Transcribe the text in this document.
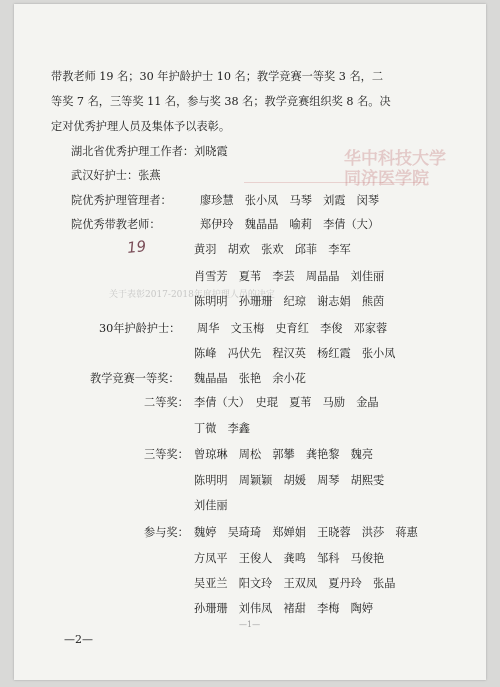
华中科技大学
同济医学院
关于表彰2017-2018年度护理人员的决定
带教老师 19 名；30 年护龄护士 10 名；教学竞赛一等奖 3 名，二
等奖 7 名，三等奖 11 名，参与奖 38 名；教学竞赛组织奖 8 名。决
定对优秀护理人员及集体予以表彰。
湖北省优秀护理工作者：刘晓霞
武汉好护士：张燕
院优秀护理管理者：	廖珍慧　张小凤　马琴　刘霞　闵琴
院优秀带教老师：	郑伊玲　魏晶晶　喻莉　李倩（大）
19	黄羽　胡欢　张欢　邱菲　李军
肖雪芳　夏苇　李芸　周晶晶　刘佳丽
陈明明　孙珊珊　纪琼　谢志娟　熊茵
30年护龄护士： 周华　文玉梅　史育红　李俊　邓家蓉
陈峰　冯伏先　程汉英　杨红霞　张小凤
教学竞赛一等奖： 魏晶晶　张艳　余小花
二等奖： 李倩（大）　史琨　夏苇　马励　金晶
丁微　李鑫
三等奖： 曾琼琳　周松　郭攀　龚艳黎　魏亮
陈明明　周颖颖　胡媛　周琴　胡熙雯
刘佳丽
参与奖： 魏婷　吴琦琦　郑婵娟　王晓蓉　洪莎　蒋惠
方凤平　王俊人　龚鸣　邹科　马俊艳
吴亚兰　阳文玲　王双凤　夏丹玲　张晶
孙珊珊　刘伟凤　褚甜　李梅　陶婷
—1—
—2—
